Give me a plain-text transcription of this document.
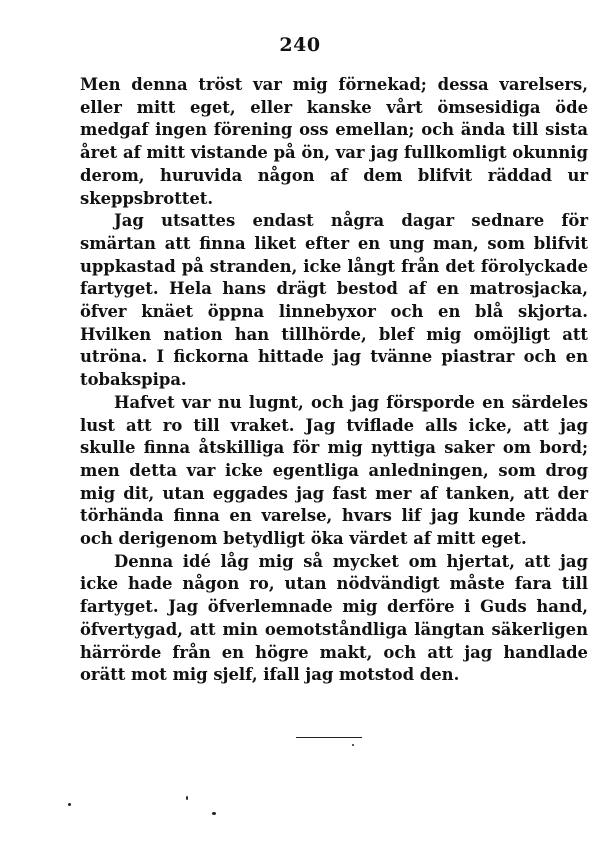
240

Men denna tröst var mig förnekad; dessa varelsers, eller mitt eget, eller kanske vårt ömsesidiga öde medgaf ingen förening oss emellan; och ända till sista året af mitt vistande på ön, var jag fullkomligt okunnig derom, huruvida någon af dem blifvit räddad ur skeppsbrottet.

Jag utsattes endast några dagar sednare för smärtan att finna liket efter en ung man, som blifvit uppkastad på stranden, icke långt från det förolyckade fartyget. Hela hans drägt bestod af en matrosjacka, öfver knäet öppna linnebyxor och en blå skjorta. Hvilken nation han tillhörde, blef mig omöjligt att utröna. I fickorna hittade jag tvänne piastrar och en tobakspipa.

Hafvet var nu lugnt, och jag försporde en särdeles lust att ro till vraket. Jag tviflade alls icke, att jag skulle finna åtskilliga för mig nyttiga saker om bord; men detta var icke egentliga anledningen, som drog mig dit, utan eggades jag fast mer af tanken, att der törhända finna en varelse, hvars lif jag kunde rädda och derigenom betydligt öka värdet af mitt eget.

Denna idé låg mig så mycket om hjertat, att jag icke hade någon ro, utan nödvändigt måste fara till fartyget. Jag öfverlemnade mig derföre i Guds hand, öfvertygad, att min oemotståndliga längtan säkerligen härrörde från en högre makt, och att jag handlade orätt mot mig sjelf, ifall jag motstod den.
